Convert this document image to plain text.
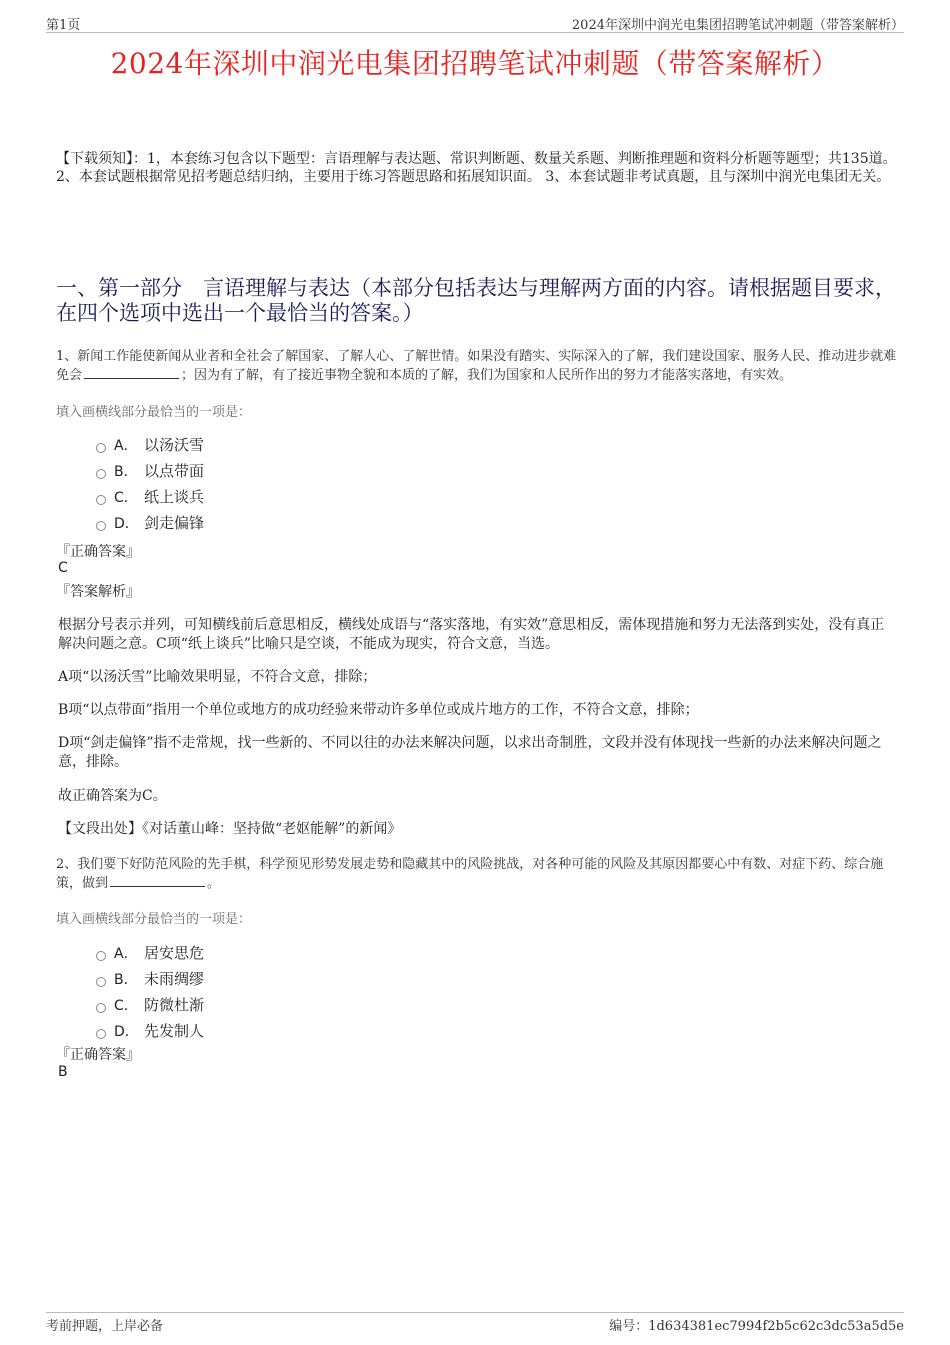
第1页	2024年深圳中润光电集团招聘笔试冲刺题（带答案解析）
2024年深圳中润光电集团招聘笔试冲刺题（带答案解析）
【下载须知】：1，本套练习包含以下题型：言语理解与表达题、常识判断题、数量关系题、判断推理题和资料分析题等题型；共135道。 2、本套试题根据常见招考题总结归纳，主要用于练习答题思路和拓展知识面。 3、本套试题非考试真题，且与深圳中润光电集团无关。
一、第一部分　言语理解与表达（本部分包括表达与理解两方面的内容。请根据题目要求，在四个选项中选出一个最恰当的答案。）
1、新闻工作能使新闻从业者和全社会了解国家、了解人心、了解世情。如果没有踏实、实际深入的了解，我们建设国家、服务人民、推动进步就难免会	；因为有了解，有了接近事物全貌和本质的了解，我们为国家和人民所作出的努力才能落实落地，有实效。
填入画横线部分最恰当的一项是：
A． 以汤沃雪
B． 以点带面
C． 纸上谈兵
D． 剑走偏锋
『正确答案』
C
『答案解析』
根据分号表示并列，可知横线前后意思相反，横线处成语与“落实落地，有实效”意思相反，需体现措施和努力无法落到实处，没有真正解决问题之意。C项“纸上谈兵”比喻只是空谈，不能成为现实，符合文意，当选。
A项“以汤沃雪”比喻效果明显，不符合文意，排除；
B项“以点带面”指用一个单位或地方的成功经验来带动许多单位或成片地方的工作，不符合文意，排除；
D项“剑走偏锋”指不走常规，找一些新的、不同以往的办法来解决问题，以求出奇制胜，文段并没有体现找一些新的办法来解决问题之意，排除。
故正确答案为C。
【文段出处】《对话董山峰：坚持做“老妪能解”的新闻》
2、我们要下好防范风险的先手棋，科学预见形势发展走势和隐藏其中的风险挑战，对各种可能的风险及其原因都要心中有数、对症下药、综合施策，做到	。
填入画横线部分最恰当的一项是：
A． 居安思危
B． 未雨绸缪
C． 防微杜渐
D． 先发制人
『正确答案』
B
考前押题，上岸必备	编号：1d634381ec7994f2b5c62c3dc53a5d5e
